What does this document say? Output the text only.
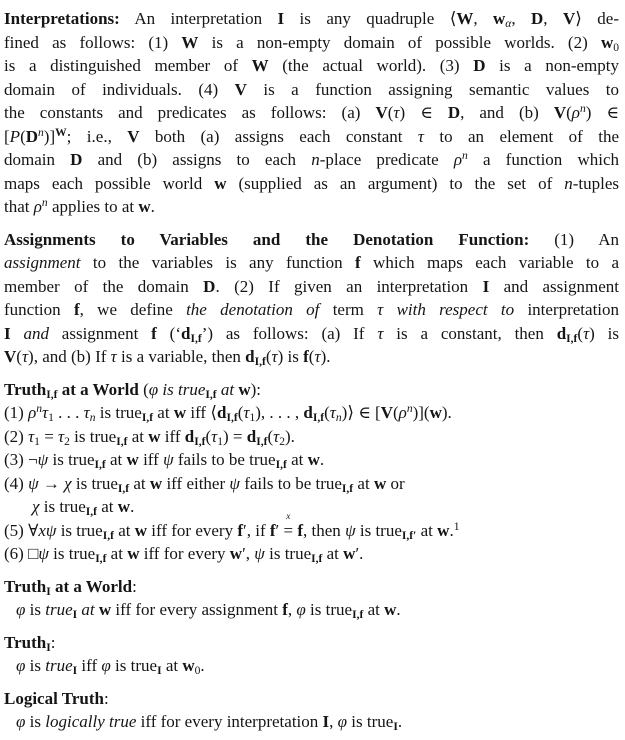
Interpretations: An interpretation I is any quadruple ⟨W, wα, D, V⟩ de-
fined as follows: (1) W is a non-empty domain of possible worlds. (2) w0
is a distinguished member of W (the actual world). (3) D is a non-empty
domain of individuals. (4) V is a function assigning semantic values to
the constants and predicates as follows: (a) V(τ) ∈ D, and (b) $V(\rho^n)$ ∈
$[P(D^n)]^W$; i.e., V both (a) assigns each constant τ to an element of the
domain D and (b) assigns to each n-place predicate $\rho^n$ a function which
maps each possible world w (supplied as an argument) to the set of n-tuples
that $\rho^n$ applies to at w.
Assignments to Variables and the Denotation Function: (1) An
assignment to the variables is any function f which maps each variable to a
member of the domain D. (2) If given an interpretation I and assignment
function f, we define the denotation of term τ with respect to interpretation
I and assignment f (‘dI,f’) as follows: (a) If τ is a constant, then dI,f(τ) is
V(τ), and (b) If τ is a variable, then dI,f(τ) is f(τ).
TruthI,f at a World (φ is trueI,f at w):
(1) $\rho^n\tau 1$ . . . τn is trueI,f at w iff ⟨dI,f(τ1), . . . , dI,f(τn)⟩ ∈ $[V(\rho^n)](w)$.
(2) τ1 = τ2 is trueI,f at w iff dI,f(τ1) = dI,f(τ2).
(3) ¬ψ is trueI,f at w iff ψ fails to be trueI,f at w.
(4) ψ → χ is trueI,f at w iff either ψ fails to be trueI,f at w or
χ is trueI,f at w.
(5) ∀xψ is trueI,f at w iff for every f′, if f′
x
= f, then ψ is trueI,f′ at w.$^1$
(6) □ψ is trueI,f at w iff for every w′, ψ is trueI,f at w′.
TruthI at a World:
φ is trueI at w iff for every assignment f, φ is trueI,f at w.
TruthI:
φ is trueI iff φ is trueI at w0.
Logical Truth:
φ is logically true iff for every interpretation I, φ is trueI.
